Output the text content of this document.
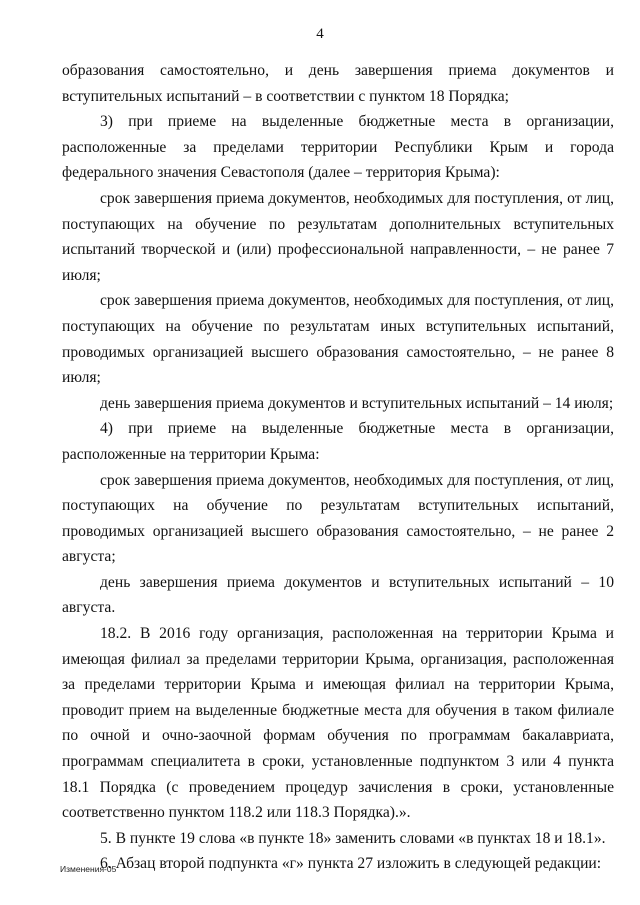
4

образования самостоятельно, и день завершения приема документов и вступительных испытаний – в соответствии с пунктом 18 Порядка;

3) при приеме на выделенные бюджетные места в организации, расположенные за пределами территории Республики Крым и города федерального значения Севастополя (далее – территория Крыма):

срок завершения приема документов, необходимых для поступления, от лиц, поступающих на обучение по результатам дополнительных вступительных испытаний творческой и (или) профессиональной направленности, – не ранее 7 июля;

срок завершения приема документов, необходимых для поступления, от лиц, поступающих на обучение по результатам иных вступительных испытаний, проводимых организацией высшего образования самостоятельно, – не ранее 8 июля;

день завершения приема документов и вступительных испытаний – 14 июля;

4) при приеме на выделенные бюджетные места в организации, расположенные на территории Крыма:

срок завершения приема документов, необходимых для поступления, от лиц, поступающих на обучение по результатам вступительных испытаний, проводимых организацией высшего образования самостоятельно, – не ранее 2 августа;

день завершения приема документов и вступительных испытаний – 10 августа.

18.2. В 2016 году организация, расположенная на территории Крыма и имеющая филиал за пределами территории Крыма, организация, расположенная за пределами территории Крыма и имеющая филиал на территории Крыма, проводит прием на выделенные бюджетные места для обучения в таком филиале по очной и очно-заочной формам обучения по программам бакалавриата, программам специалитета в сроки, установленные подпунктом 3 или 4 пункта 18.1 Порядка (с проведением процедур зачисления в сроки, установленные соответственно пунктом 118.2 или 118.3 Порядка).».

5. В пункте 19 слова «в пункте 18» заменить словами «в пунктах 18 и 18.1».

6. Абзац второй подпункта «г» пункта 27 изложить в следующей редакции:

Изменения-05
